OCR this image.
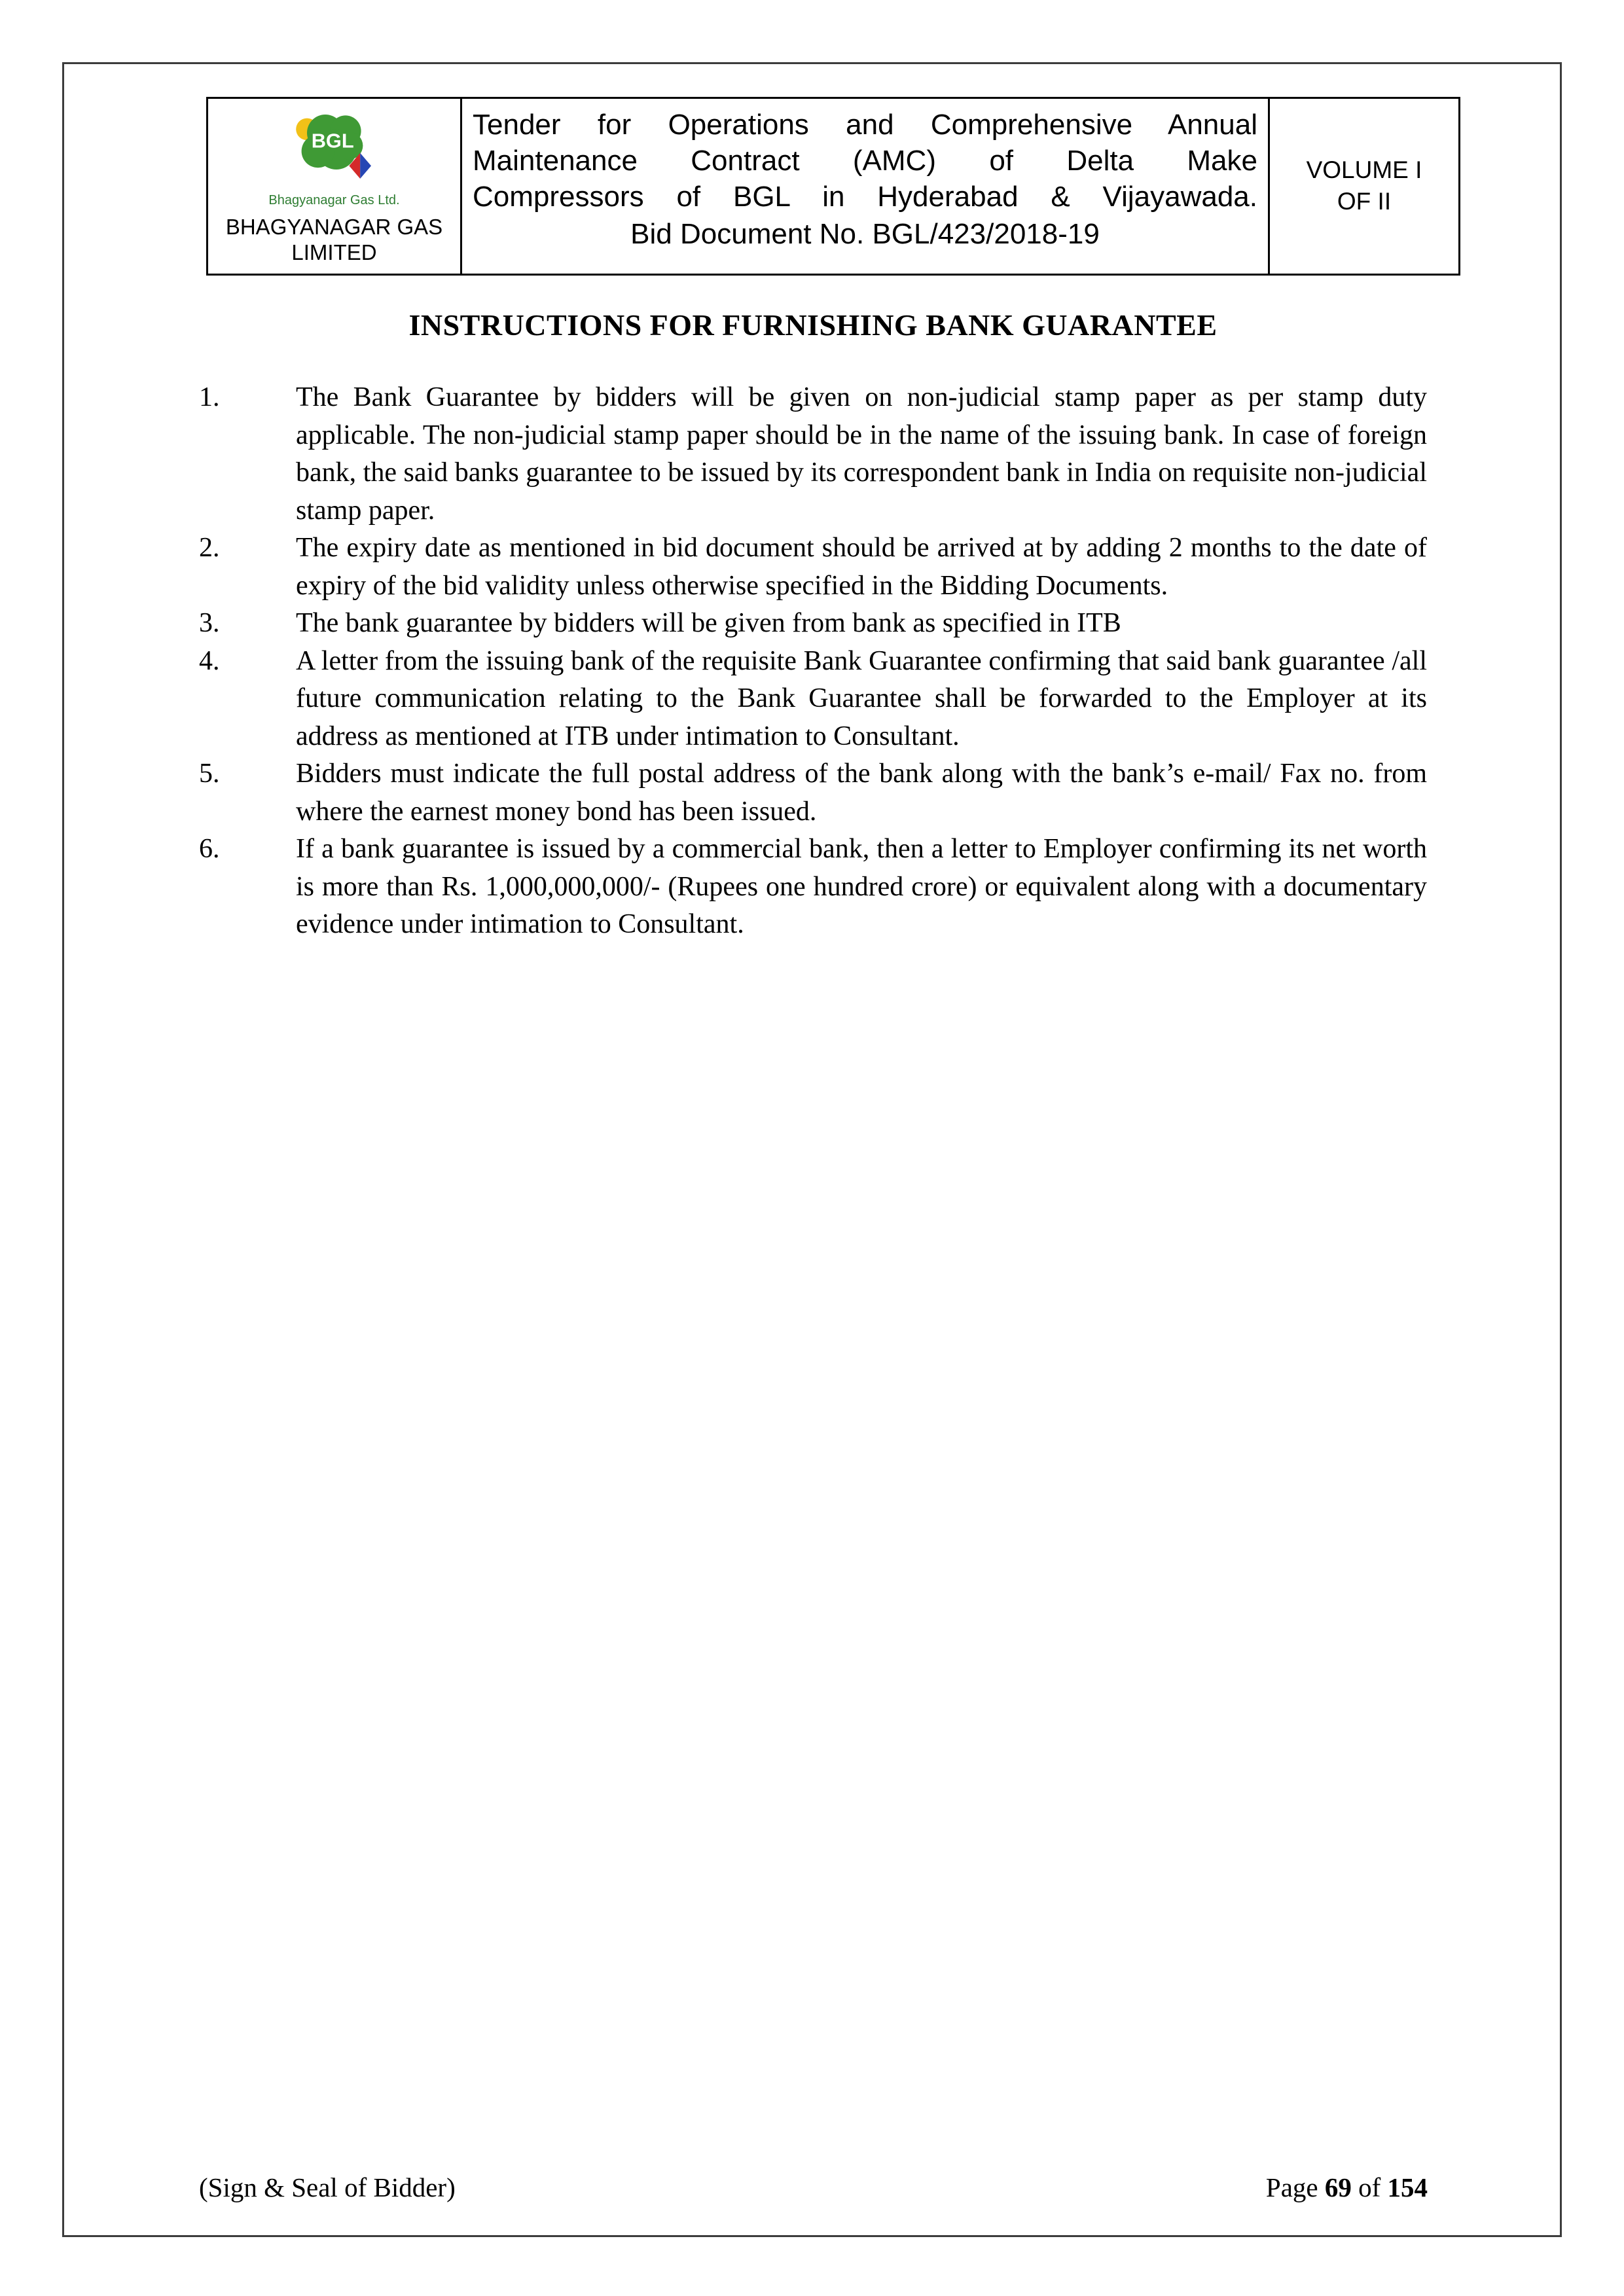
BGL
Bhagyanagar Gas Ltd.
BHAGYANAGAR GAS
LIMITED
Tender for Operations and Comprehensive Annual
Maintenance Contract (AMC) of Delta Make
Compressors of BGL in Hyderabad & Vijayawada.
Bid Document No. BGL/423/2018-19
VOLUME I
OF II
INSTRUCTIONS FOR FURNISHING BANK GUARANTEE
1.	The Bank Guarantee by bidders will be given on non-judicial stamp paper as per stamp duty applicable. The non-judicial stamp paper should be in the name of the issuing bank. In case of foreign bank, the said banks guarantee to be issued by its correspondent bank in India on requisite non-judicial stamp paper.
2.	The expiry date as mentioned in bid document should be arrived at by adding 2 months to the date of expiry of the bid validity unless otherwise specified in the Bidding Documents.
3.	The bank guarantee by bidders will be given from bank as specified in ITB
4.	A letter from the issuing bank of the requisite Bank Guarantee confirming that said bank guarantee /all future communication relating to the Bank Guarantee shall be forwarded to the Employer at its address as mentioned at ITB under intimation to Consultant.
5.	Bidders must indicate the full postal address of the bank along with the bank’s e-mail/ Fax no. from where the earnest money bond has been issued.
6.	If a bank guarantee is issued by a commercial bank, then a letter to Employer confirming its net worth is more than Rs. 1,000,000,000/- (Rupees one hundred crore) or equivalent along with a documentary evidence under intimation to Consultant.
(Sign & Seal of Bidder)	Page 69 of 154
